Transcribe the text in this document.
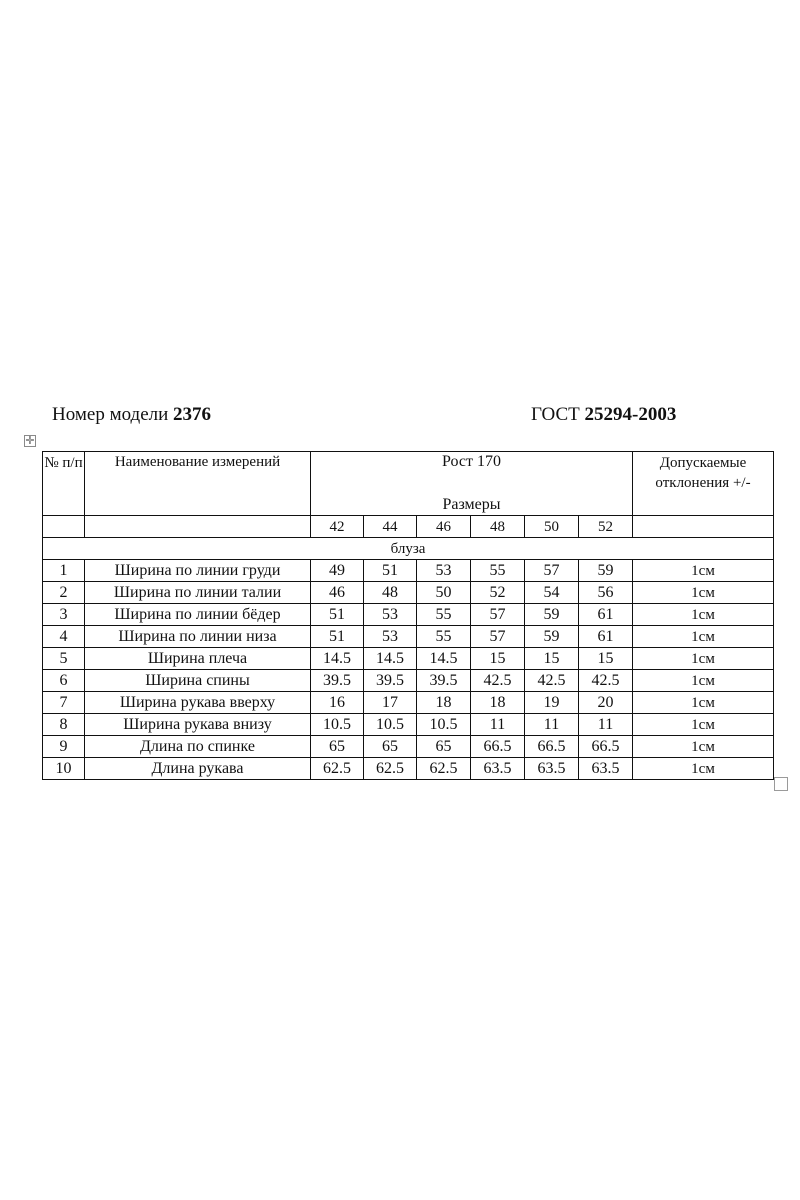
Номер модели 2376	ГОСТ 25294-2003
✛
№ п/п	Наименование измерений	Рост 170						Допускаемые отклонения +/-
		Размеры						
		42	44	46	48	50	52	
блуза								
1	Ширина по линии груди	49	51	53	55	57	59	1см
2	Ширина по линии талии	46	48	50	52	54	56	1см
3	Ширина по линии бёдер	51	53	55	57	59	61	1см
4	Ширина по линии низа	51	53	55	57	59	61	1см
5	Ширина плеча	14.5	14.5	14.5	15	15	15	1см
6	Ширина спины	39.5	39.5	39.5	42.5	42.5	42.5	1см
7	Ширина рукава вверху	16	17	18	18	19	20	1см
8	Ширина рукава внизу	10.5	10.5	10.5	11	11	11	1см
9	Длина по спинке	65	65	65	66.5	66.5	66.5	1см
10	Длина рукава	62.5	62.5	62.5	63.5	63.5	63.5	1см
